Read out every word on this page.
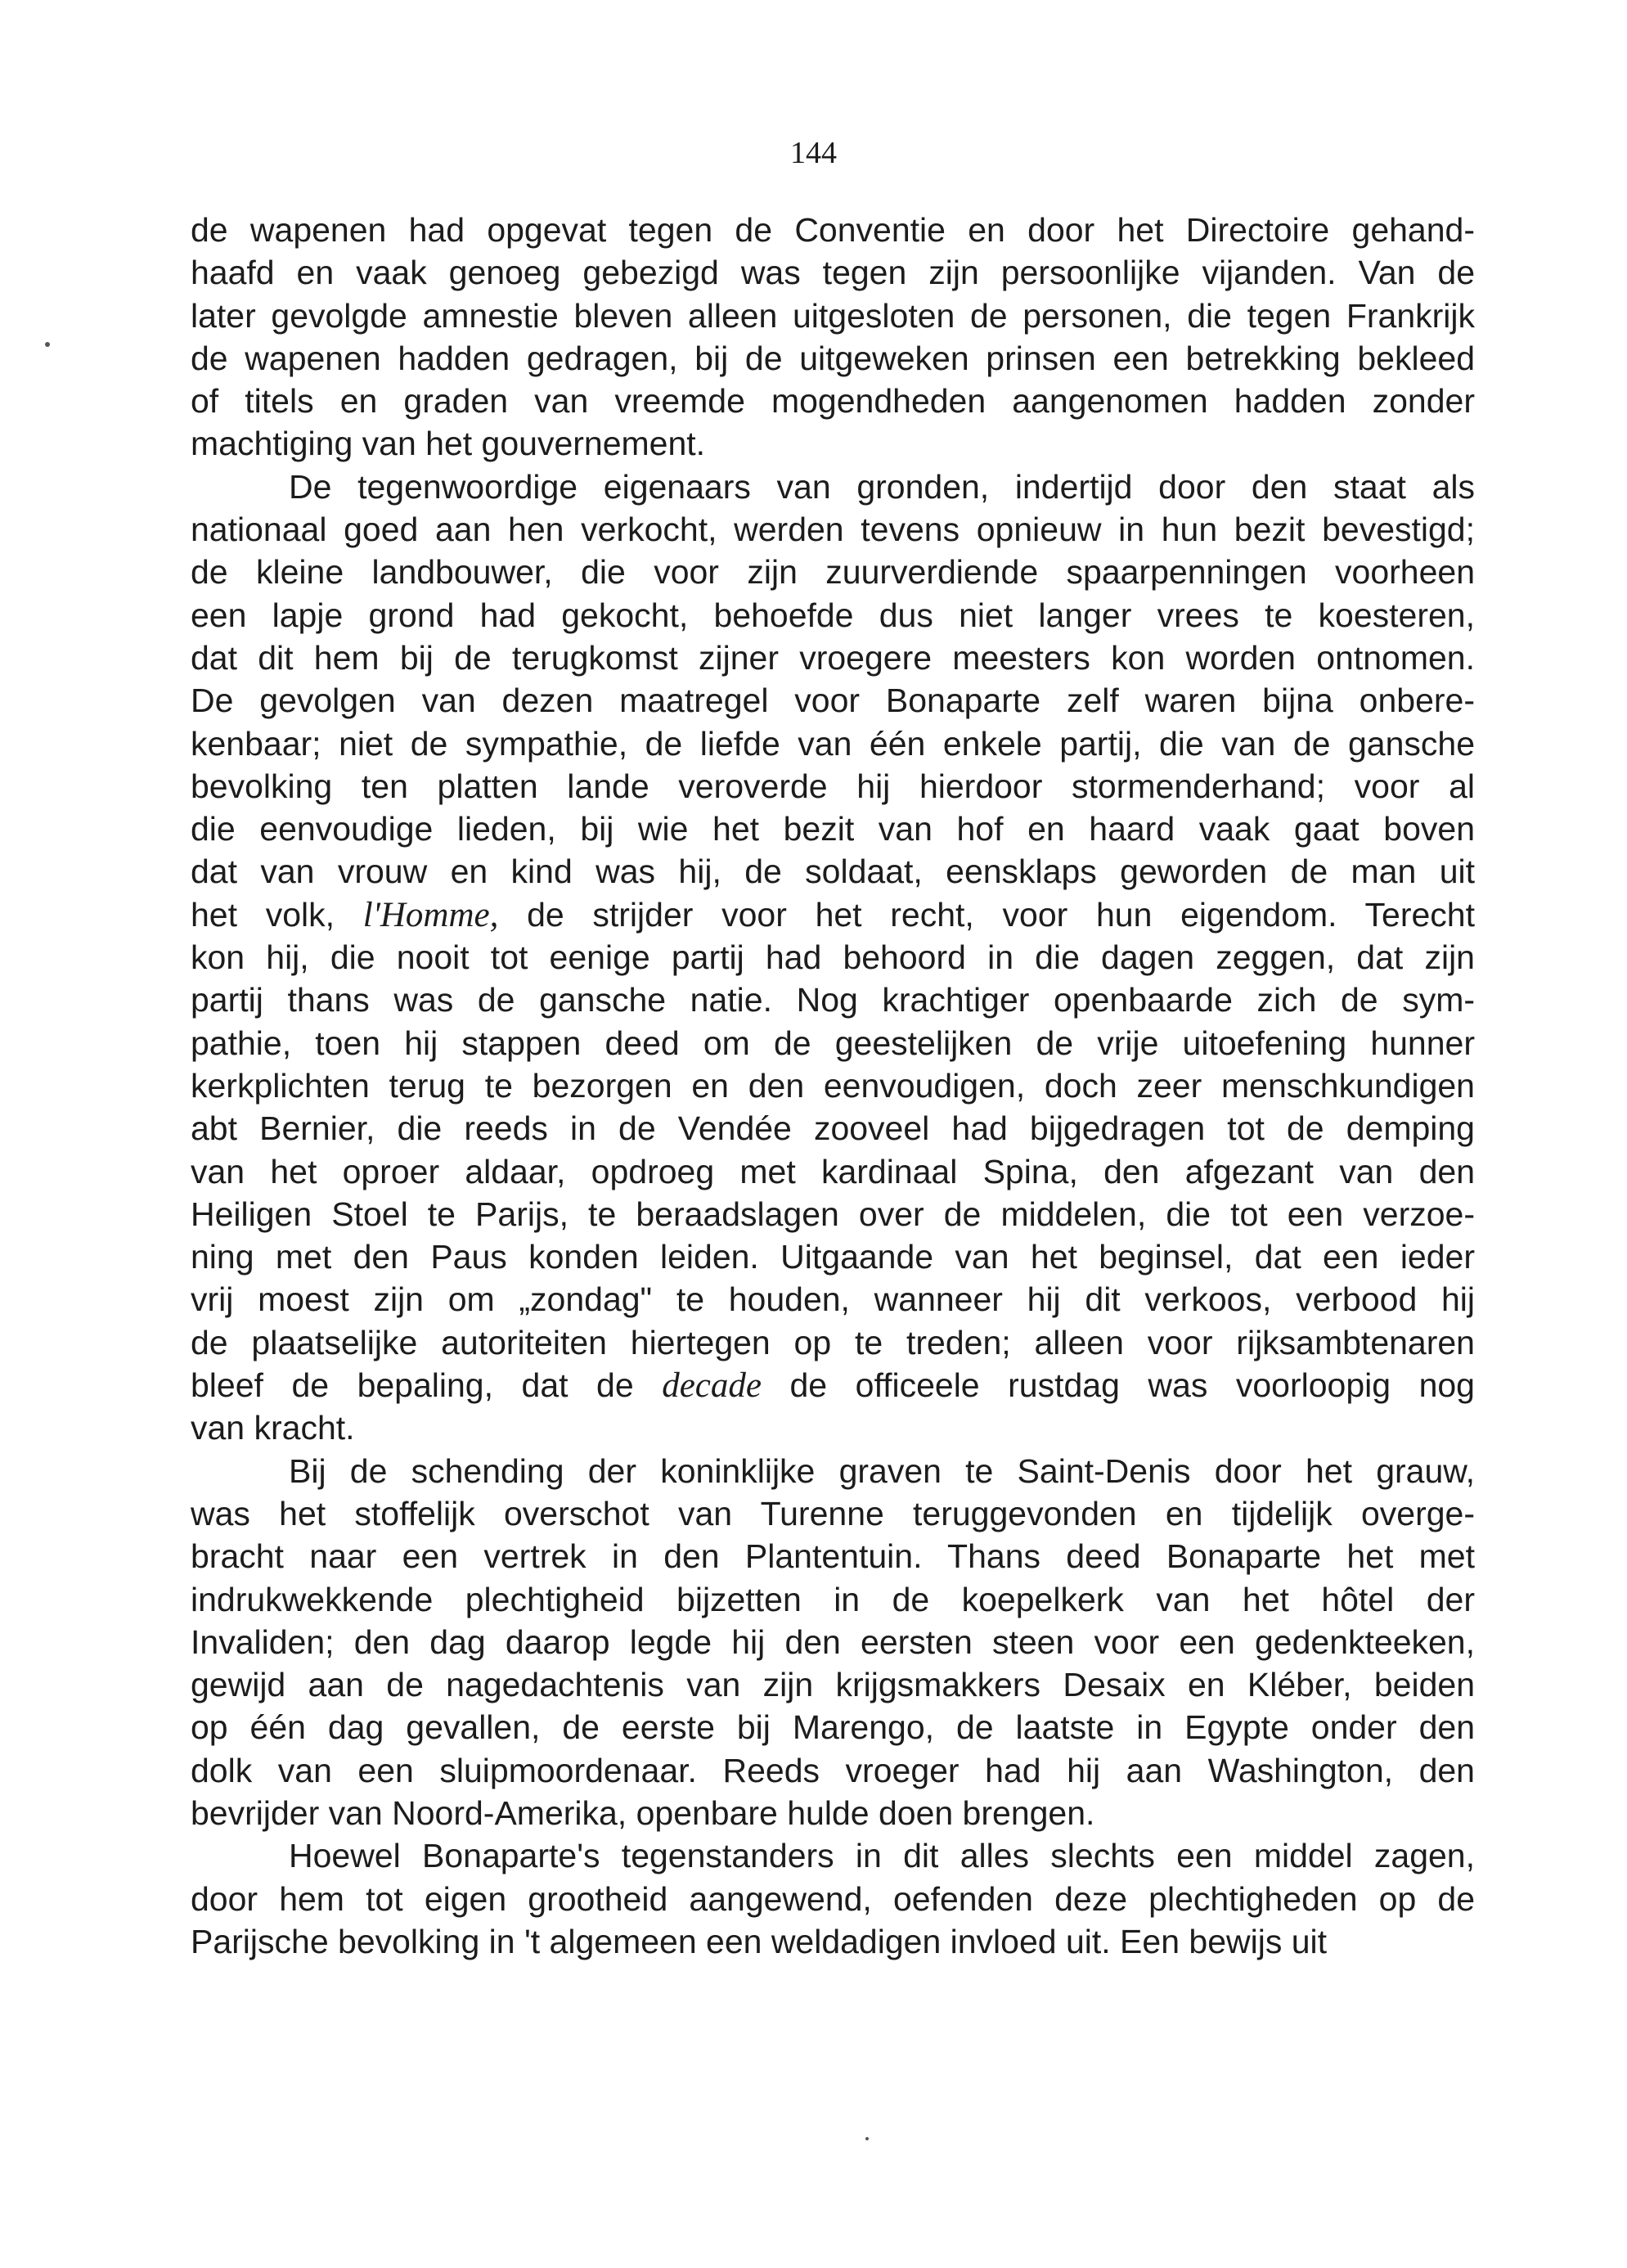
144
de wapenen had opgevat tegen de Conventie en door het Directoire gehand-
haafd en vaak genoeg gebezigd was tegen zijn persoonlijke vijanden. Van de
later gevolgde amnestie bleven alleen uitgesloten de personen, die tegen Frankrijk
de wapenen hadden gedragen, bij de uitgeweken prinsen een betrekking bekleed
of titels en graden van vreemde mogendheden aangenomen hadden zonder
machtiging van het gouvernement.
De tegenwoordige eigenaars van gronden, indertijd door den staat als
nationaal goed aan hen verkocht, werden tevens opnieuw in hun bezit bevestigd;
de kleine landbouwer, die voor zijn zuurverdiende spaarpenningen voorheen
een lapje grond had gekocht, behoefde dus niet langer vrees te koesteren,
dat dit hem bij de terugkomst zijner vroegere meesters kon worden ontnomen.
De gevolgen van dezen maatregel voor Bonaparte zelf waren bijna onbere-
kenbaar; niet de sympathie, de liefde van één enkele partij, die van de gansche
bevolking ten platten lande veroverde hij hierdoor stormenderhand; voor al
die eenvoudige lieden, bij wie het bezit van hof en haard vaak gaat boven
dat van vrouw en kind was hij, de soldaat, eensklaps geworden de man uit
het volk, l'Homme, de strijder voor het recht, voor hun eigendom. Terecht
kon hij, die nooit tot eenige partij had behoord in die dagen zeggen, dat zijn
partij thans was de gansche natie. Nog krachtiger openbaarde zich de sym-
pathie, toen hij stappen deed om de geestelijken de vrije uitoefening hunner
kerkplichten terug te bezorgen en den eenvoudigen, doch zeer menschkundigen
abt Bernier, die reeds in de Vendée zooveel had bijgedragen tot de demping
van het oproer aldaar, opdroeg met kardinaal Spina, den afgezant van den
Heiligen Stoel te Parijs, te beraadslagen over de middelen, die tot een verzoe-
ning met den Paus konden leiden. Uitgaande van het beginsel, dat een ieder
vrij moest zijn om „zondag" te houden, wanneer hij dit verkoos, verbood hij
de plaatselijke autoriteiten hiertegen op te treden; alleen voor rijksambtenaren
bleef de bepaling, dat de decade de officeele rustdag was voorloopig nog
van kracht.
Bij de schending der koninklijke graven te Saint-Denis door het grauw,
was het stoffelijk overschot van Turenne teruggevonden en tijdelijk overge-
bracht naar een vertrek in den Plantentuin. Thans deed Bonaparte het met
indrukwekkende plechtigheid bijzetten in de koepelkerk van het hôtel der
Invaliden; den dag daarop legde hij den eersten steen voor een gedenkteeken,
gewijd aan de nagedachtenis van zijn krijgsmakkers Desaix en Kléber, beiden
op één dag gevallen, de eerste bij Marengo, de laatste in Egypte onder den
dolk van een sluipmoordenaar. Reeds vroeger had hij aan Washington, den
bevrijder van Noord-Amerika, openbare hulde doen brengen.
Hoewel Bonaparte's tegenstanders in dit alles slechts een middel zagen,
door hem tot eigen grootheid aangewend, oefenden deze plechtigheden op de
Parijsche bevolking in 't algemeen een weldadigen invloed uit. Een bewijs uit
